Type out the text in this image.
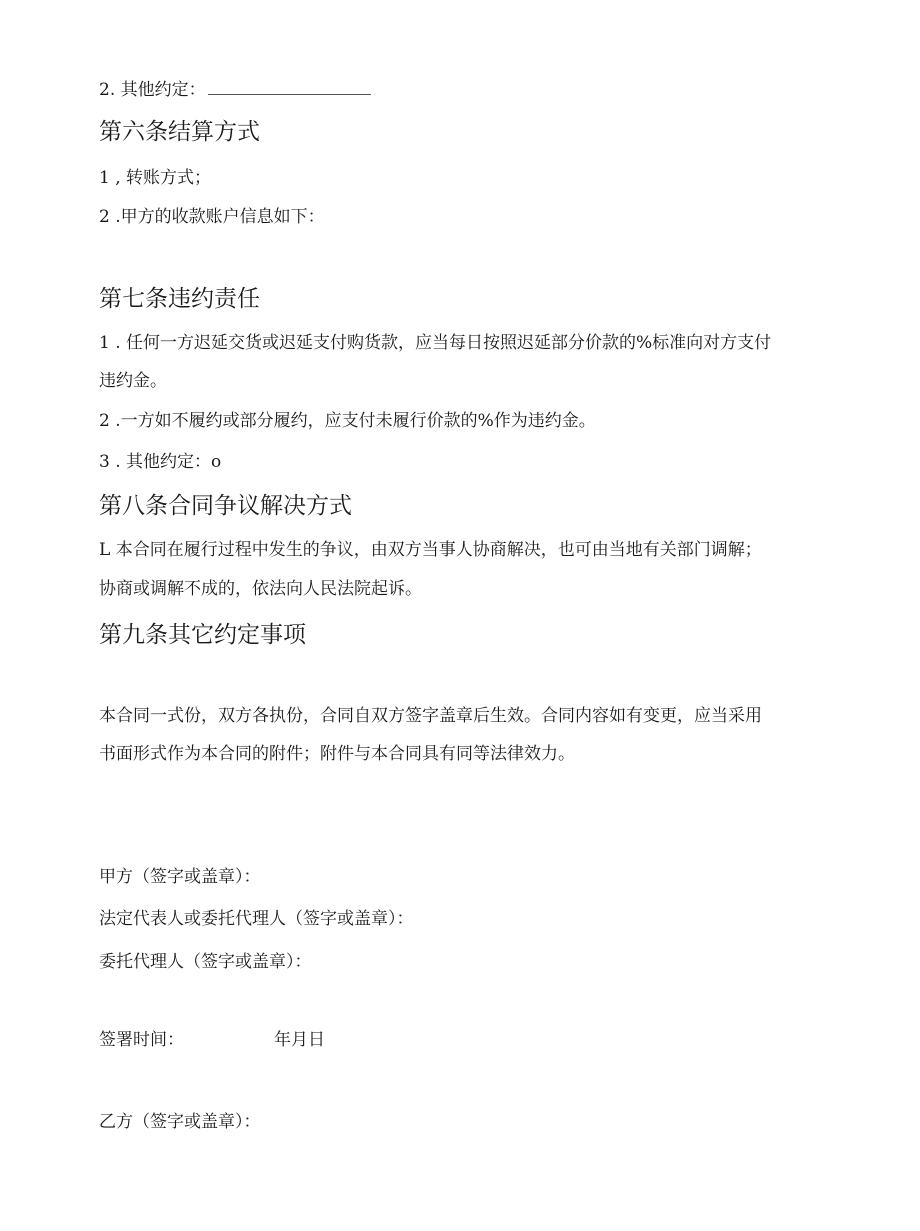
2. 其他约定：
第六条结算方式
1 , 转账方式；
2 .甲方的收款账户信息如下：
第七条违约责任
1 . 任何一方迟延交货或迟延支付购货款，应当每日按照迟延部分价款的%标准向对方支付
违约金。
2 .一方如不履约或部分履约，应支付未履行价款的%作为违约金。
3 . 其他约定：o
第八条合同争议解决方式
L 本合同在履行过程中发生的争议，由双方当事人协商解决，也可由当地有关部门调解；
协商或调解不成的，依法向人民法院起诉。
第九条其它约定事项
本合同一式份，双方各执份，合同自双方签字盖章后生效。合同内容如有变更，应当采用
书面形式作为本合同的附件；附件与本合同具有同等法律效力。
甲方（签字或盖章）：
法定代表人或委托代理人（签字或盖章）：
委托代理人（签字或盖章）：
签署时间：	年月日
乙方（签字或盖章）：
